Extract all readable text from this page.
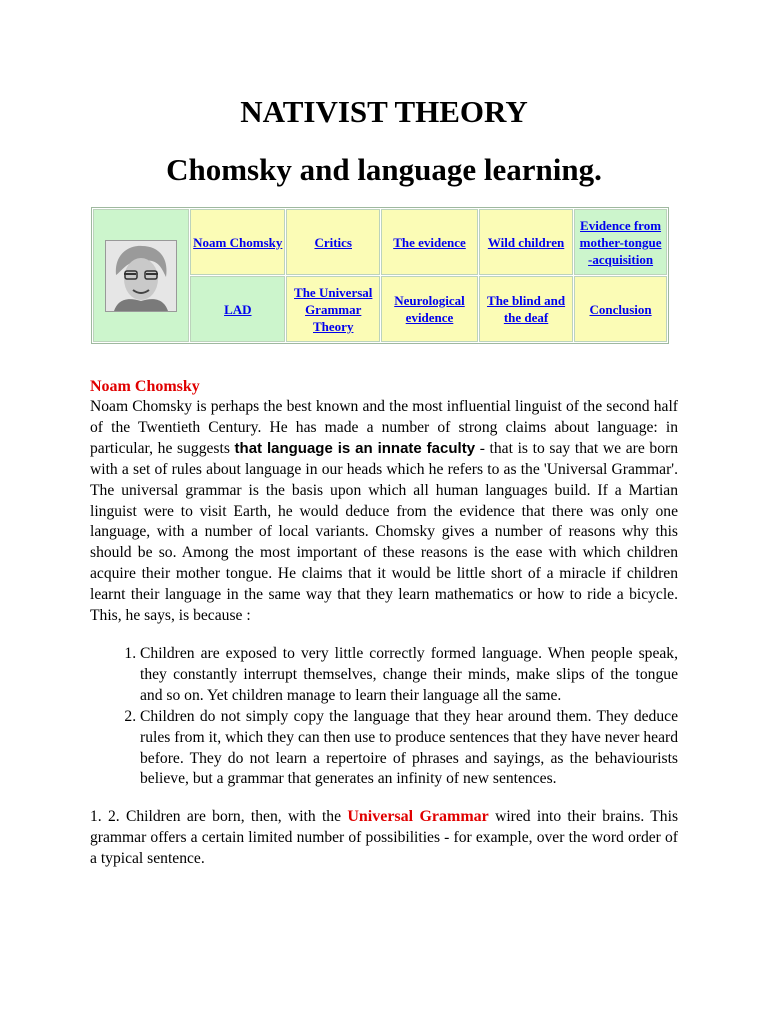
NATIVIST THEORY
Chomsky and language learning.
	Noam Chomsky	Critics	The evidence	Wild children	Evidence from mother-tongue -acquisition
	LAD	The Universal Grammar Theory	Neurological evidence	The blind and the deaf	Conclusion

Noam Chomsky

Noam Chomsky is perhaps the best known and the most influential linguist of the second half of the Twentieth Century. He has made a number of strong claims about language: in particular, he suggests that language is an innate faculty - that is to say that we are born with a set of rules about language in our heads which he refers to as the 'Universal Grammar'. The universal grammar is the basis upon which all human languages build. If a Martian linguist were to visit Earth, he would deduce from the evidence that there was only one language, with a number of local variants. Chomsky gives a number of reasons why this should be so. Among the most important of these reasons is the ease with which children acquire their mother tongue. He claims that it would be little short of a miracle if children learnt their language in the same way that they learn mathematics or how to ride a bicycle. This, he says, is because :

1. Children are exposed to very little correctly formed language. When people speak, they constantly interrupt themselves, change their minds, make slips of the tongue and so on. Yet children manage to learn their language all the same.
2. Children do not simply copy the language that they hear around them. They deduce rules from it, which they can then use to produce sentences that they have never heard before. They do not learn a repertoire of phrases and sayings, as the behaviourists believe, but a grammar that generates an infinity of new sentences.

1. 2. Children are born, then, with the Universal Grammar wired into their brains. This grammar offers a certain limited number of possibilities - for example, over the word order of a typical sentence.
